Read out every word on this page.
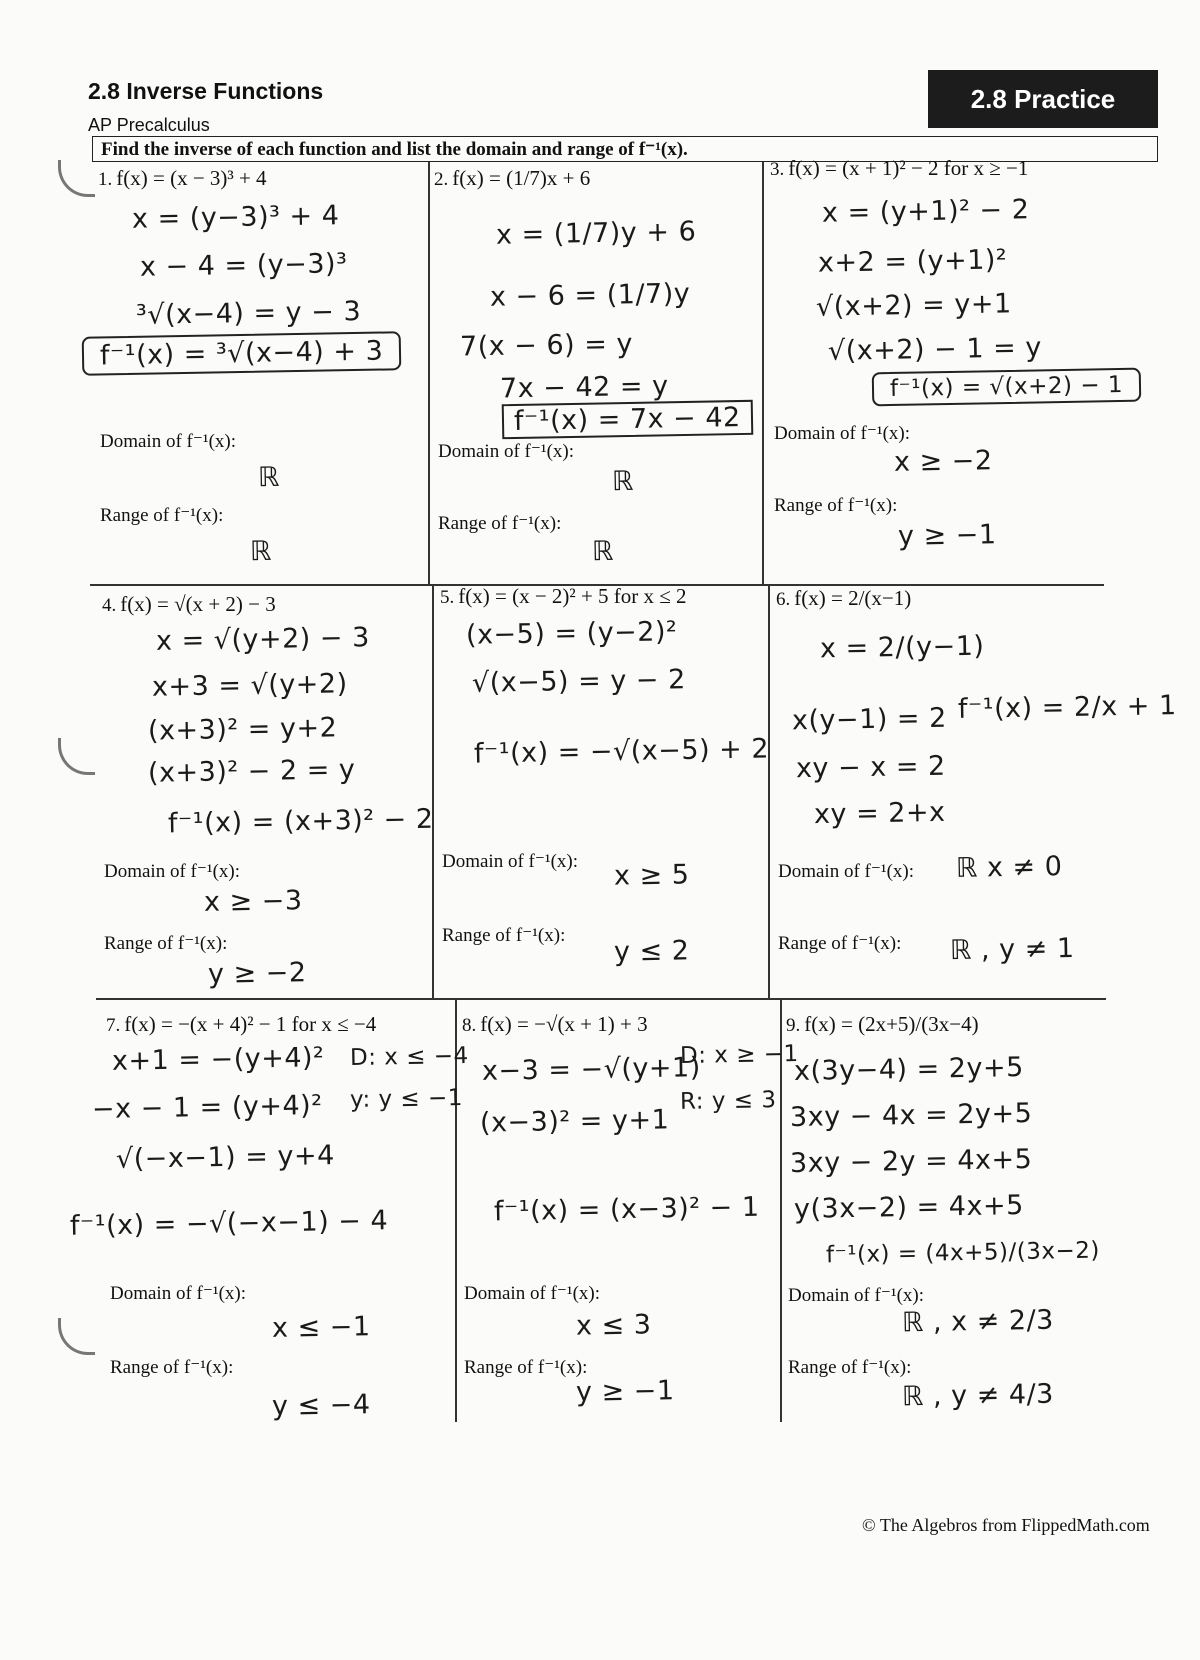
2.8 Inverse Functions
AP Precalculus
2.8 Practice
Find the inverse of each function and list the domain and range of f⁻¹(x).
1. f(x) = (x − 3)³ + 4
x = (y−3)³ + 4
x − 4 = (y−3)³
³√(x−4) = y − 3
f⁻¹(x) = ³√(x−4) + 3
Domain of f⁻¹(x):
ℝ
Range of f⁻¹(x):
ℝ
2. f(x) = (1/7)x + 6
x = (1/7)y + 6
x − 6 = (1/7)y
7(x − 6) = y
7x − 42 = y
f⁻¹(x) = 7x − 42
Domain of f⁻¹(x):
ℝ
Range of f⁻¹(x):
ℝ
3. f(x) = (x + 1)² − 2 for x ≥ −1
x = (y+1)² − 2
x+2 = (y+1)²
√(x+2) = y+1
√(x+2) − 1 = y
f⁻¹(x) = √(x+2) − 1
Domain of f⁻¹(x):
x ≥ −2
Range of f⁻¹(x):
y ≥ −1
4. f(x) = √(x + 2) − 3
x = √(y+2) − 3
x+3 = √(y+2)
(x+3)² = y+2
(x+3)² − 2 = y
f⁻¹(x) = (x+3)² − 2
Domain of f⁻¹(x):
x ≥ −3
Range of f⁻¹(x):
y ≥ −2
5. f(x) = (x − 2)² + 5 for x ≤ 2
(x−5) = (y−2)²
√(x−5) = y − 2
f⁻¹(x) = −√(x−5) + 2
Domain of f⁻¹(x): x ≥ 5
Range of f⁻¹(x): y ≤ 2
6. f(x) = 2/(x−1)
x = 2/(y−1)
x(y−1) = 2
xy − x = 2
xy = 2+x
f⁻¹(x) = 2/x + 1
Domain of f⁻¹(x): ℝ x ≠ 0
Range of f⁻¹(x): ℝ , y ≠ 1
7. f(x) = −(x + 4)² − 1 for x ≤ −4
x+1 = −(y+4)²
−x − 1 = (y+4)²
√(−x−1) = y+4
D: x ≤ −4
y: y ≤ −1
f⁻¹(x) = −√(−x−1) − 4
Domain of f⁻¹(x):
x ≤ −1
Range of f⁻¹(x):
y ≤ −4
8. f(x) = −√(x + 1) + 3
x−3 = −√(y+1)
(x−3)² = y+1
D: x ≥ −1
R: y ≤ 3
f⁻¹(x) = (x−3)² − 1
Domain of f⁻¹(x):
x ≤ 3
Range of f⁻¹(x):
y ≥ −1
9. f(x) = (2x+5)/(3x−4)
x(3y−4) = 2y+5
3xy − 4x = 2y+5
3xy − 2y = 4x+5
y(3x−2) = 4x+5
f⁻¹(x) = (4x+5)/(3x−2)
Domain of f⁻¹(x):
ℝ , x ≠ 2/3
Range of f⁻¹(x):
ℝ , y ≠ 4/3
© The Algebros from FlippedMath.com
